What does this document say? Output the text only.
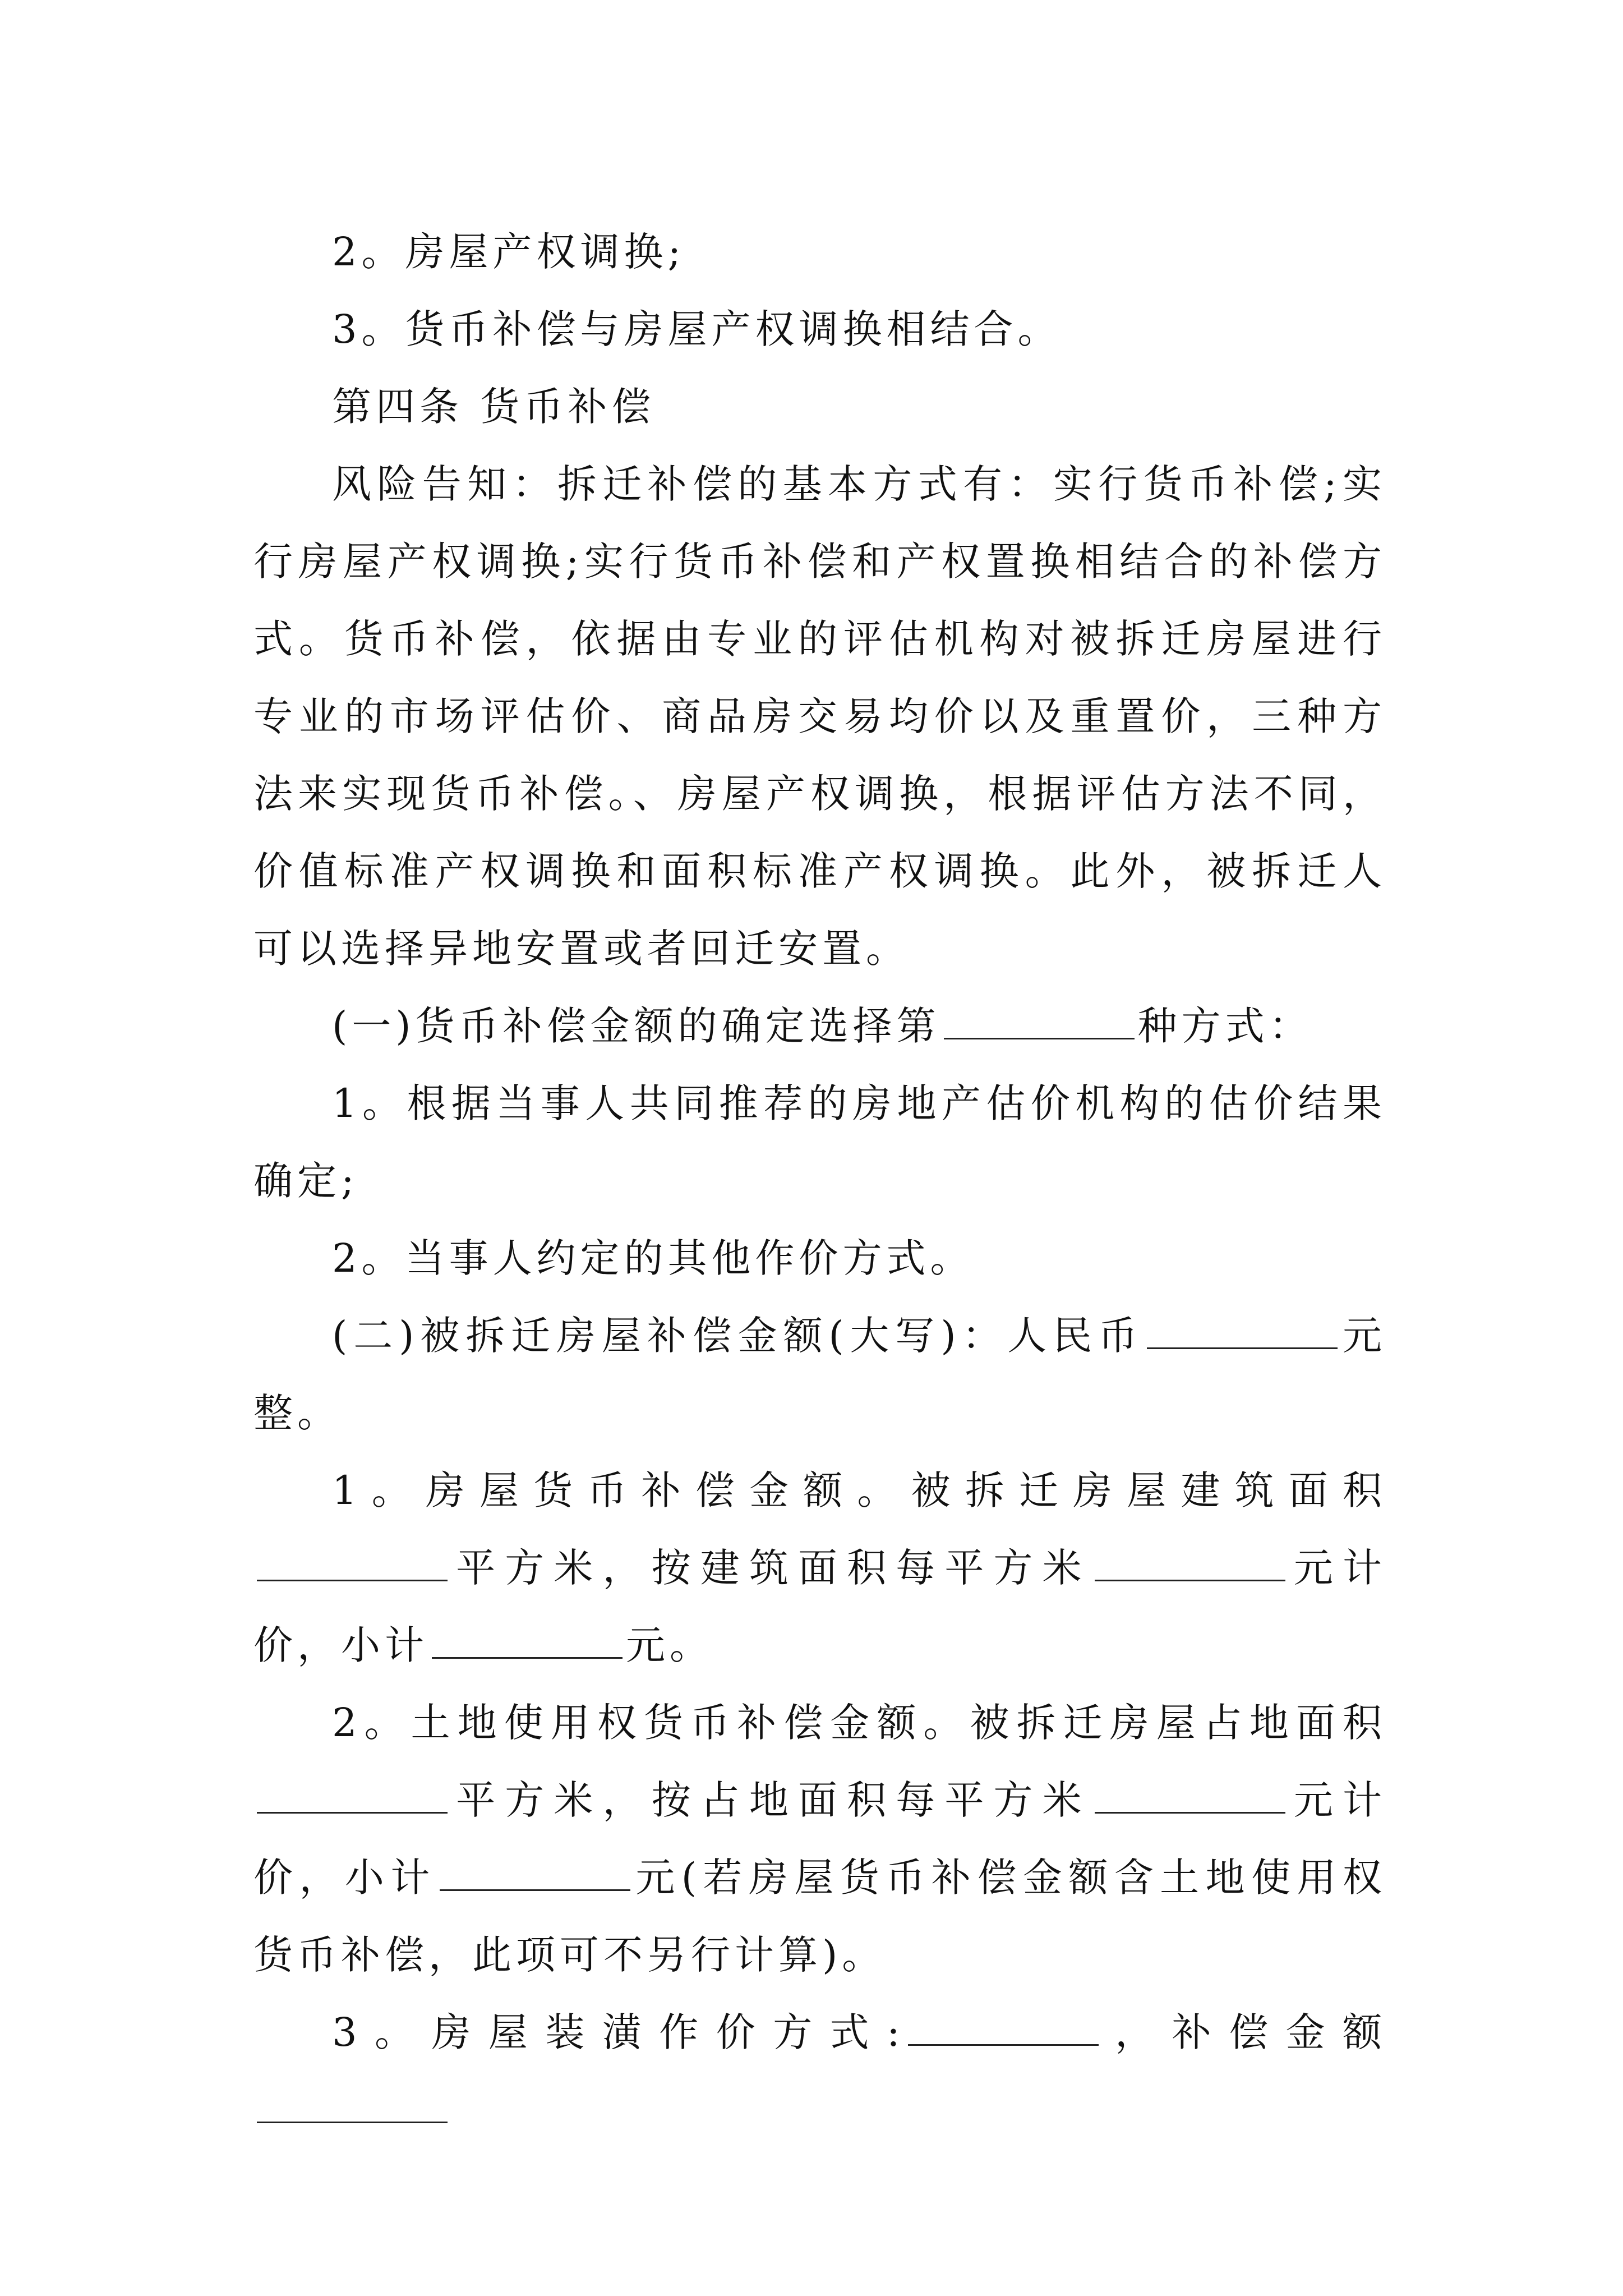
2。房屋产权调换;

3。货币补偿与房屋产权调换相结合。

第四条 货币补偿

风险告知：拆迁补偿的基本方式有：实行货币补偿;实行房屋产权调换;实行货币补偿和产权置换相结合的补偿方式。货币补偿，依据由专业的评估机构对被拆迁房屋进行专业的市场评估价、商品房交易均价以及重置价，三种方法来实现货币补偿。、房屋产权调换，根据评估方法不同，价值标准产权调换和面积标准产权调换。此外，被拆迁人可以选择异地安置或者回迁安置。

(一)货币补偿金额的确定选择第	种方式：

1。根据当事人共同推荐的房地产估价机构的估价结果确定;

2。当事人约定的其他作价方式。

(二)被拆迁房屋补偿金额(大写)：人民币	元整。

1。房屋货币补偿金额。被拆迁房屋建筑面积平方米，按建筑面积每平方米	元计价，小计	元。

2。土地使用权货币补偿金额。被拆迁房屋占地面积平方米，按占地面积每平方米	元计价，小计	元(若房屋货币补偿金额含土地使用权货币补偿，此项可不另行计算)。

3。房屋装潢作价方式:	，补偿金额
